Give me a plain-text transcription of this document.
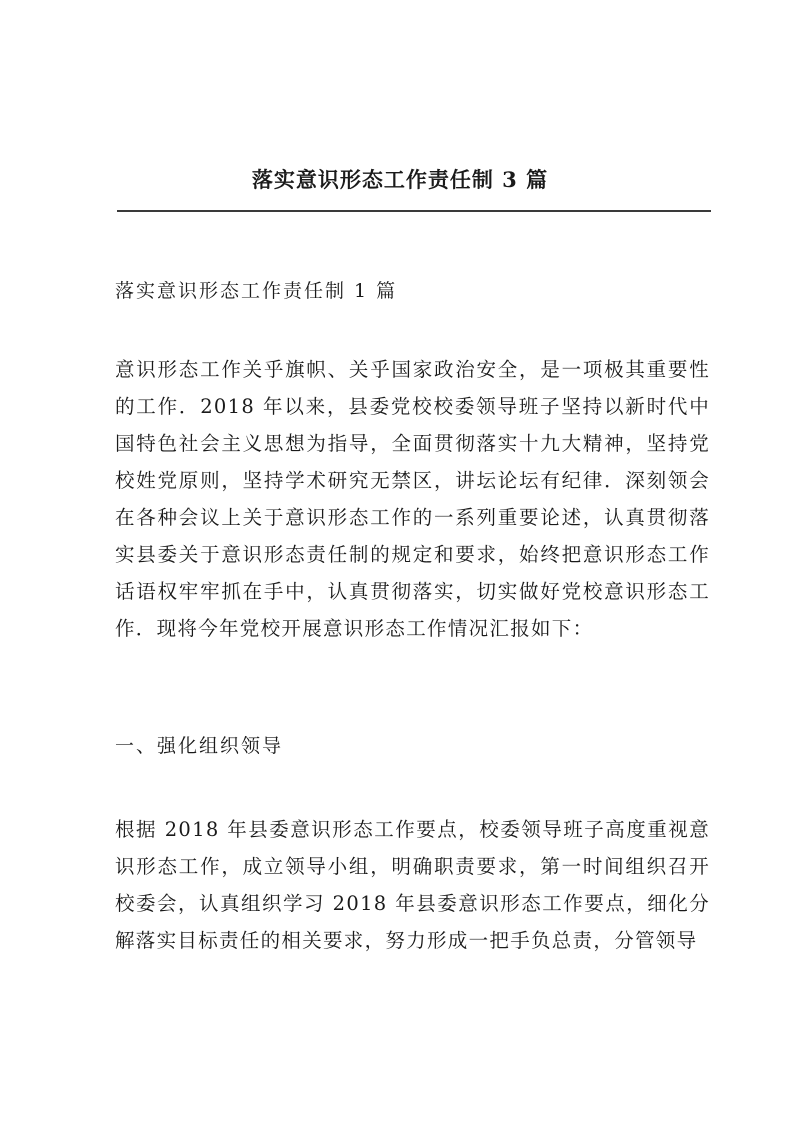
落实意识形态工作责任制 3 篇
落实意识形态工作责任制 1 篇

意识形态工作关乎旗帜、关乎国家政治安全，是一项极其重要性的工作．2018 年以来，县委党校校委领导班子坚持以新时代中国特色社会主义思想为指导，全面贯彻落实十九大精神，坚持党校姓党原则，坚持学术研究无禁区，讲坛论坛有纪律．深刻领会在各种会议上关于意识形态工作的一系列重要论述，认真贯彻落实县委关于意识形态责任制的规定和要求，始终把意识形态工作话语权牢牢抓在手中，认真贯彻落实，切实做好党校意识形态工作．现将今年党校开展意识形态工作情况汇报如下：

一、强化组织领导

根据 2018 年县委意识形态工作要点，校委领导班子高度重视意识形态工作，成立领导小组，明确职责要求，第一时间组织召开校委会，认真组织学习 2018 年县委意识形态工作要点，细化分解落实目标责任的相关要求，努力形成一把手负总责，分管领导
